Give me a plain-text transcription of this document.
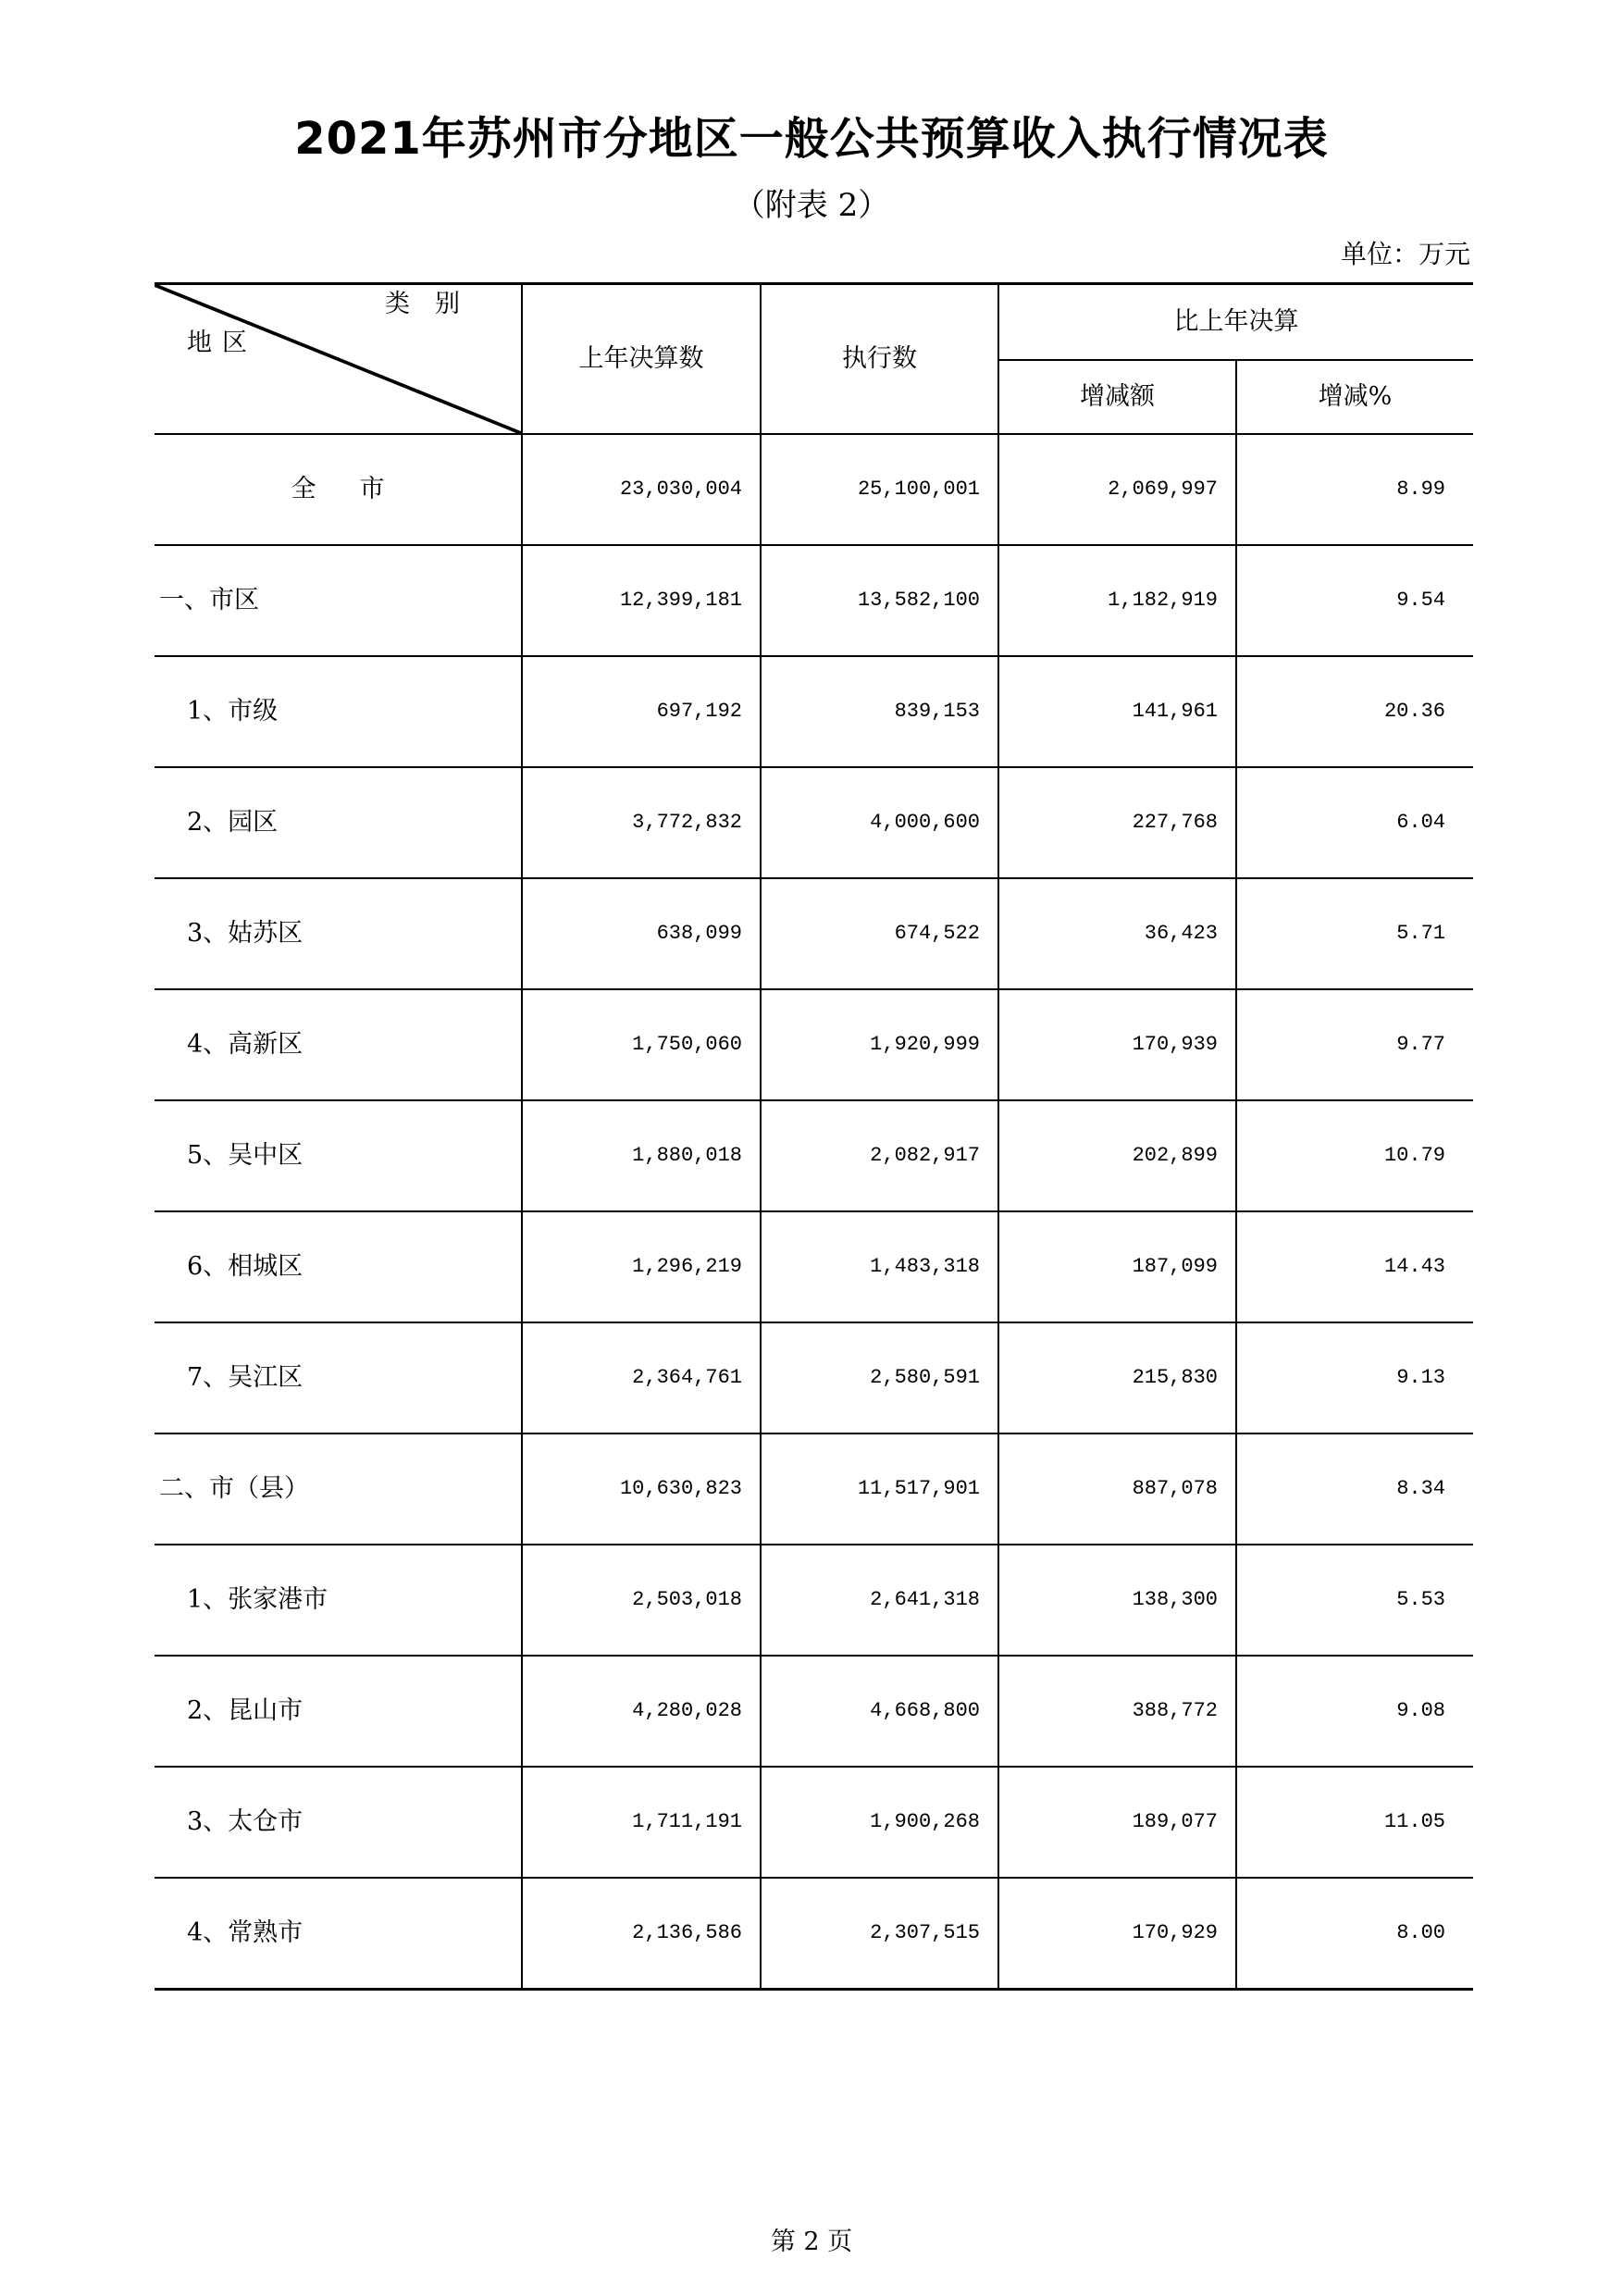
2021年苏州市分地区一般公共预算收入执行情况表
（附表 2）
单位：万元

类　别

地区	上年决算数	执行数	比上年决算	
			增减额	增减%
全　市	23,030,004	25,100,001	2,069,997	8.99
一、市区	12,399,181	13,582,100	1,182,919	9.54
1、市级	697,192	839,153	141,961	20.36
2、园区	3,772,832	4,000,600	227,768	6.04
3、姑苏区	638,099	674,522	36,423	5.71
4、高新区	1,750,060	1,920,999	170,939	9.77
5、吴中区	1,880,018	2,082,917	202,899	10.79
6、相城区	1,296,219	1,483,318	187,099	14.43
7、吴江区	2,364,761	2,580,591	215,830	9.13
二、市（县）	10,630,823	11,517,901	887,078	8.34
1、张家港市	2,503,018	2,641,318	138,300	5.53
2、昆山市	4,280,028	4,668,800	388,772	9.08
3、太仓市	1,711,191	1,900,268	189,077	11.05
4、常熟市	2,136,586	2,307,515	170,929	8.00
第 2 页
